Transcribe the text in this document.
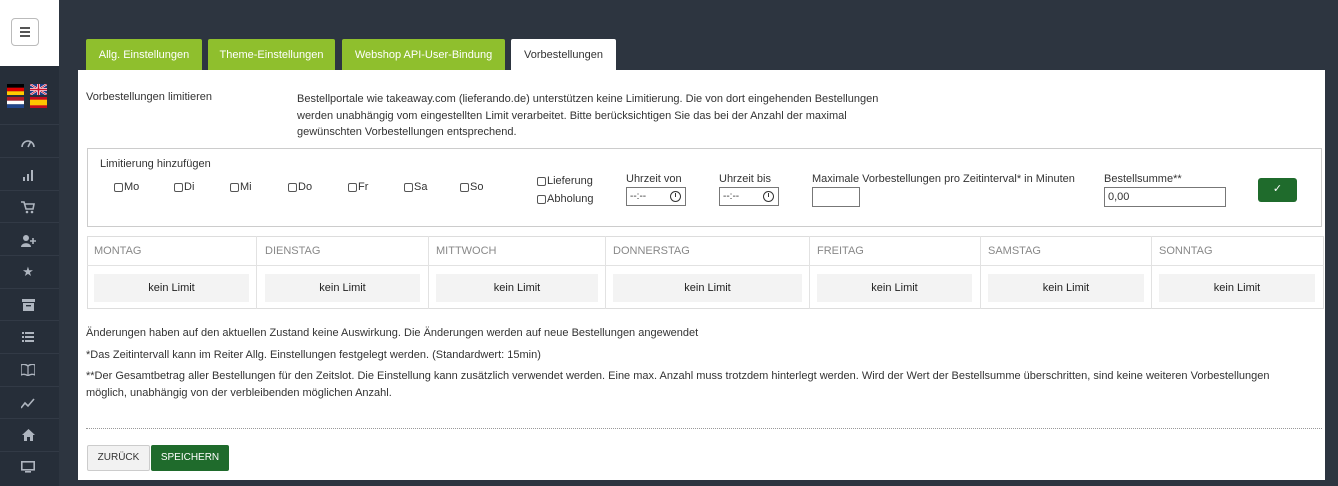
★
Allg. Einstellungen	Theme-Einstellungen	Webshop API-User-Bindung	Vorbestellungen
Vorbestellungen limitieren	Bestellportale wie takeaway.com (lieferando.de) unterstützen keine Limitierung. Die von dort eingehenden Bestellungen werden unabhängig vom eingestellten Limit verarbeitet. Bitte berücksichtigen Sie das bei der Anzahl der maximal gewünschten Vorbestellungen entsprechend.
Limitierung hinzufügen
Mo	Di	Mi	Do	Fr	Sa	So	Lieferung
Abholung
Uhrzeit von
--:--
Uhrzeit bis
--:--
Maximale Vorbestellungen pro Zeitinterval* in Minuten	Bestellsumme**
0,00
✓
MONTAG	DIENSTAG	MITTWOCH	DONNERSTAG	FREITAG	SAMSTAG	SONNTAG
kein Limit	kein Limit	kein Limit	kein Limit	kein Limit	kein Limit	kein Limit
Änderungen haben auf den aktuellen Zustand keine Auswirkung. Die Änderungen werden auf neue Bestellungen angewendet
*Das Zeitintervall kann im Reiter Allg. Einstellungen festgelegt werden. (Standardwert: 15min)
**Der Gesamtbetrag aller Bestellungen für den Zeitslot. Die Einstellung kann zusätzlich verwendet werden. Eine max. Anzahl muss trotzdem hinterlegt werden. Wird der Wert der Bestellsumme überschritten, sind keine weiteren Vorbestellungen möglich, unabhängig von der verbleibenden möglichen Anzahl.
ZURÜCK	SPEICHERN
